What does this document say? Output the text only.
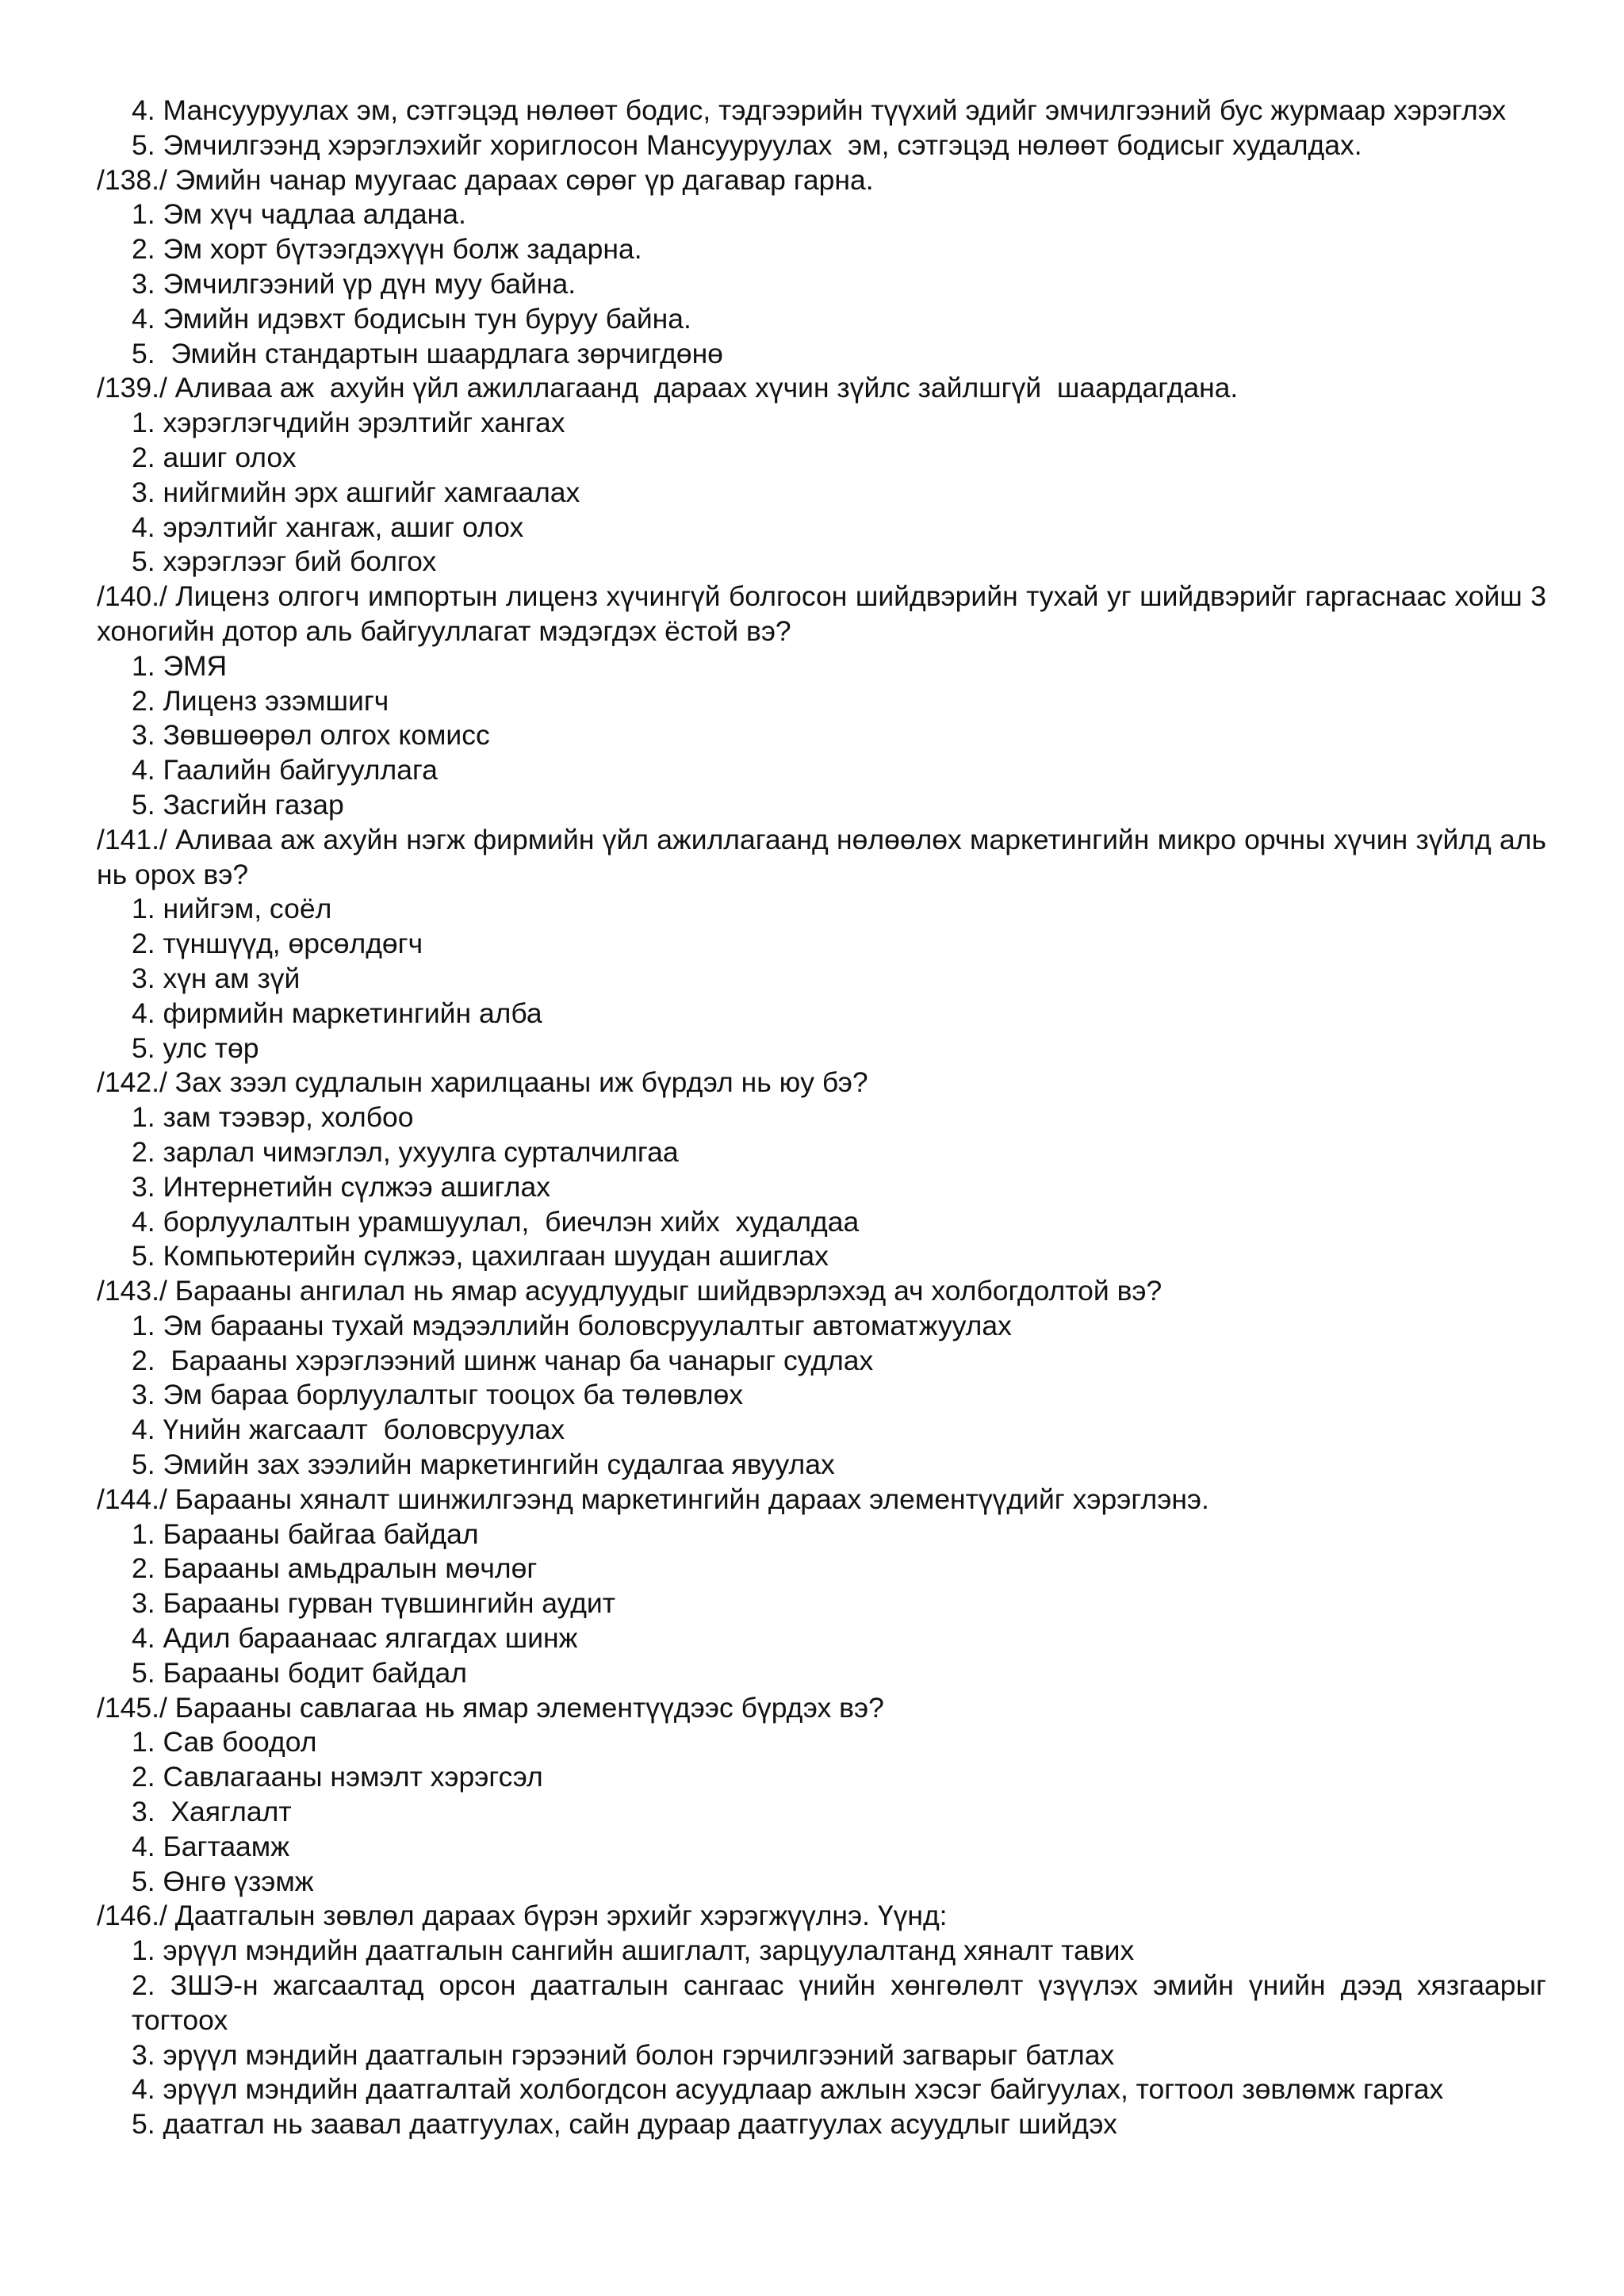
4. Мансууруулах эм, сэтгэцэд нөлөөт бодис, тэдгээрийн түүхий эдийг эмчилгээний бус журмаар хэрэглэх
5. Эмчилгээнд хэрэглэхийг хориглосон Мансууруулах  эм, сэтгэцэд нөлөөт бодисыг худалдах.
/138./ Эмийн чанар муугаас дараах сөрөг үр дагавар гарна.
1. Эм хүч чадлаа алдана.
2. Эм хорт бүтээгдэхүүн болж задарна.
3. Эмчилгээний үр дүн муу байна.
4. Эмийн идэвхт бодисын тун буруу байна.
5.  Эмийн стандартын шаардлага зөрчигдөнө
/139./ Аливаа аж  ахуйн үйл ажиллагаанд  дараах хүчин зүйлс зайлшгүй  шаардагдана.
1. хэрэглэгчдийн эрэлтийг хангах
2. ашиг олох
3. нийгмийн эрх ашгийг хамгаалах
4. эрэлтийг хангаж, ашиг олох
5. хэрэглээг бий болгох
/140./ Лиценз олгогч импортын лиценз хүчингүй болгосон шийдвэрийн тухай уг шийдвэрийг гаргаснаас хойш 3 хоногийн дотор аль байгууллагат мэдэгдэх ёстой вэ?
1. ЭМЯ
2. Лиценз эзэмшигч
3. Зөвшөөрөл олгох комисс
4. Гаалийн байгууллага
5. Засгийн газар
/141./ Аливаа аж ахуйн нэгж фирмийн үйл ажиллагаанд нөлөөлөх маркетингийн микро орчны хүчин зүйлд аль нь орох вэ?
1. нийгэм, соёл
2. түншүүд, өрсөлдөгч
3. хүн ам зүй
4. фирмийн маркетингийн алба
5. улс төр
/142./ Зах зээл судлалын харилцааны иж бүрдэл нь юу бэ?
1. зам тээвэр, холбоо
2. зарлал чимэглэл, ухуулга сурталчилгаа
3. Интернетийн сүлжээ ашиглах
4. борлуулалтын урамшуулал,  биечлэн хийх  худалдаа
5. Компьютерийн сүлжээ, цахилгаан шуудан ашиглах
/143./ Барааны ангилал нь ямар асуудлуудыг шийдвэрлэхэд ач холбогдолтой вэ?
1. Эм барааны тухай мэдээллийн боловсруулалтыг автоматжуулах
2.  Барааны хэрэглээний шинж чанар ба чанарыг судлах
3. Эм бараа борлуулалтыг тооцох ба төлөвлөх
4. Үнийн жагсаалт  боловсруулах
5. Эмийн зах зээлийн маркетингийн судалгаа явуулах
/144./ Барааны хяналт шинжилгээнд маркетингийн дараах элементүүдийг хэрэглэнэ.
1. Барааны байгаа байдал
2. Барааны амьдралын мөчлөг
3. Барааны гурван түвшингийн аудит
4. Адил бараанаас ялгагдах шинж
5. Барааны бодит байдал
/145./ Барааны савлагаа нь ямар элементүүдээс бүрдэх вэ?
1. Сав боодол
2. Савлагааны нэмэлт хэрэгсэл
3.  Хаяглалт
4. Багтаамж
5. Өнгө үзэмж
/146./ Даатгалын зөвлөл дараах бүрэн эрхийг хэрэгжүүлнэ. Үүнд:
1. эрүүл мэндийн даатгалын сангийн ашиглалт, зарцуулалтанд хяналт тавих
2. ЗШЭ-н жагсаалтад орсон даатгалын сангаас үнийн хөнгөлөлт үзүүлэх эмийн үнийн дээд хязгаарыг тогтоох
3. эрүүл мэндийн даатгалын гэрээний болон гэрчилгээний загварыг батлах
4. эрүүл мэндийн даатгалтай холбогдсон асуудлаар ажлын хэсэг байгуулах, тогтоол зөвлөмж гаргах
5. даатгал нь заавал даатгуулах, сайн дураар даатгуулах асуудлыг шийдэх
